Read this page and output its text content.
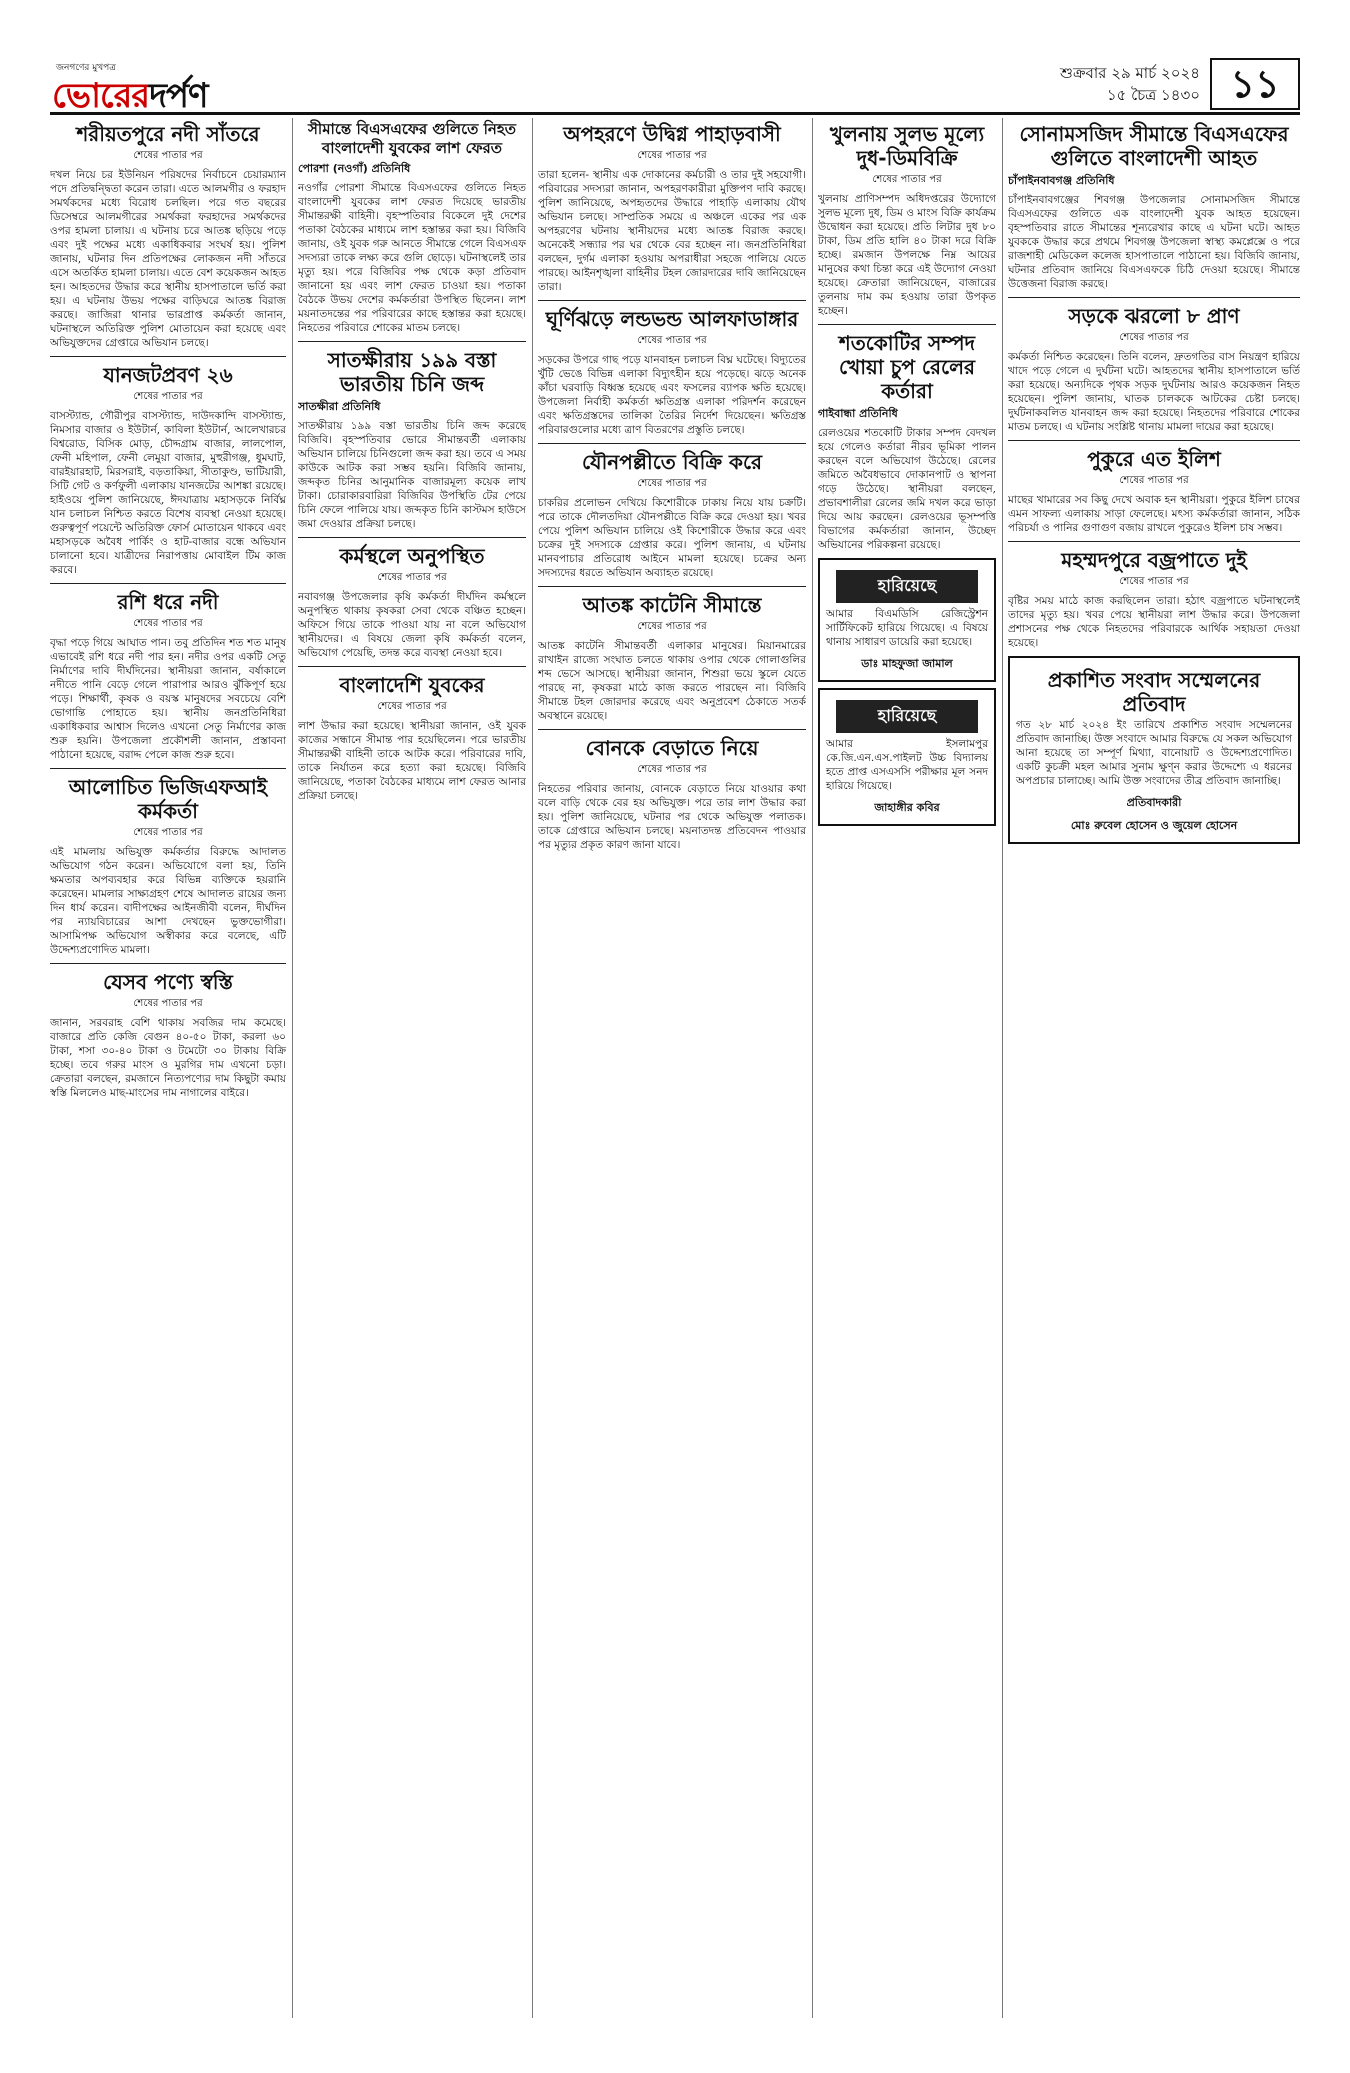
জনগণের মুখপত্র
ভোরেরদর্পণ
শুক্রবার ২৯ মার্চ ২০২৪
১৫ চৈত্র ১৪৩০ ১১
শরীয়তপুরে নদী সাঁতরে
শেষের পাতার পর

দখল নিয়ে চর ইউনিয়ন পরিষদের নির্বাচনে চেয়ারম্যান পদে প্রতিদ্বন্দ্বিতা করেন তারা। এতে আলমগীর ও ফরহাদ সমর্থকদের মধ্যে বিরোধ চলছিল। পরে গত বছরের ডিসেম্বরে আলমগীরের সমর্থকরা ফরহাদের সমর্থকদের ওপর হামলা চালায়। এ ঘটনায় চরে আতঙ্ক ছড়িয়ে পড়ে এবং দুই পক্ষের মধ্যে একাধিকবার সংঘর্ষ হয়। পুলিশ জানায়, ঘটনার দিন প্রতিপক্ষের লোকজন নদী সাঁতরে এসে অতর্কিত হামলা চালায়। এতে বেশ কয়েকজন আহত হন। আহতদের উদ্ধার করে স্থানীয় হাসপাতালে ভর্তি করা হয়। এ ঘটনায় উভয় পক্ষের বাড়িঘরে আতঙ্ক বিরাজ করছে। জাজিরা থানার ভারপ্রাপ্ত কর্মকর্তা জানান, ঘটনাস্থলে অতিরিক্ত পুলিশ মোতায়েন করা হয়েছে এবং অভিযুক্তদের গ্রেপ্তারে অভিযান চলছে।

যানজটপ্রবণ ২৬
শেষের পাতার পর

বাসস্ট্যান্ড, গৌরীপুর বাসস্ট্যান্ড, দাউদকান্দি বাসস্ট্যান্ড, নিমসার বাজার ও ইউটার্ন, কাবিলা ইউটার্ন, আলেখারচর বিশ্বরোড, বিসিক মোড়, চৌদ্দগ্রাম বাজার, লালপোল, ফেনী মহিপাল, ফেনী লেমুয়া বাজার, মুহুরীগঞ্জ, ধুমঘাট, বারইয়ারহাট, মিরসরাই, বড়তাকিয়া, সীতাকুণ্ড, ভাটিয়ারী, সিটি গেট ও কর্ণফুলী এলাকায় যানজটের আশঙ্কা রয়েছে। হাইওয়ে পুলিশ জানিয়েছে, ঈদযাত্রায় মহাসড়কে নির্বিঘ্ন যান চলাচল নিশ্চিত করতে বিশেষ ব্যবস্থা নেওয়া হয়েছে। গুরুত্বপূর্ণ পয়েন্টে অতিরিক্ত ফোর্স মোতায়েন থাকবে এবং মহাসড়কে অবৈধ পার্কিং ও হাট-বাজার বন্ধে অভিযান চালানো হবে। যাত্রীদের নিরাপত্তায় মোবাইল টিম কাজ করবে।

রশি ধরে নদী
শেষের পাতার পর

বৃদ্ধা পড়ে গিয়ে আঘাত পান। তবু প্রতিদিন শত শত মানুষ এভাবেই রশি ধরে নদী পার হন। নদীর ওপর একটি সেতু নির্মাণের দাবি দীর্ঘদিনের। স্থানীয়রা জানান, বর্ষাকালে নদীতে পানি বেড়ে গেলে পারাপার আরও ঝুঁকিপূর্ণ হয়ে পড়ে। শিক্ষার্থী, কৃষক ও বয়স্ক মানুষদের সবচেয়ে বেশি ভোগান্তি পোহাতে হয়। স্থানীয় জনপ্রতিনিধিরা একাধিকবার আশ্বাস দিলেও এখনো সেতু নির্মাণের কাজ শুরু হয়নি। উপজেলা প্রকৌশলী জানান, প্রস্তাবনা পাঠানো হয়েছে, বরাদ্দ পেলে কাজ শুরু হবে।

আলোচিত ভিজিএফআই কর্মকর্তা
শেষের পাতার পর

এই মামলায় অভিযুক্ত কর্মকর্তার বিরুদ্ধে আদালত অভিযোগ গঠন করেন। অভিযোগে বলা হয়, তিনি ক্ষমতার অপব্যবহার করে বিভিন্ন ব্যক্তিকে হয়রানি করেছেন। মামলার সাক্ষ্যগ্রহণ শেষে আদালত রায়ের জন্য দিন ধার্য করেন। বাদীপক্ষের আইনজীবী বলেন, দীর্ঘদিন পর ন্যায়বিচারের আশা দেখছেন ভুক্তভোগীরা। আসামিপক্ষ অভিযোগ অস্বীকার করে বলেছে, এটি উদ্দেশ্যপ্রণোদিত মামলা।

যেসব পণ্যে স্বস্তি
শেষের পাতার পর

জানান, সরবরাহ বেশি থাকায় সবজির দাম কমেছে। বাজারে প্রতি কেজি বেগুন ৪০-৫০ টাকা, করলা ৬০ টাকা, শসা ৩০-৪০ টাকা ও টমেটো ৩০ টাকায় বিক্রি হচ্ছে। তবে গরুর মাংস ও মুরগির দাম এখনো চড়া। ক্রেতারা বলছেন, রমজানে নিত্যপণ্যের দাম কিছুটা কমায় স্বস্তি মিললেও মাছ-মাংসের দাম নাগালের বাইরে।

সীমান্তে বিএসএফের গুলিতে নিহত বাংলাদেশী যুবকের লাশ ফেরত
পোরশা (নওগাঁ) প্রতিনিধি

নওগাঁর পোরশা সীমান্তে বিএসএফের গুলিতে নিহত বাংলাদেশী যুবকের লাশ ফেরত দিয়েছে ভারতীয় সীমান্তরক্ষী বাহিনী। বৃহস্পতিবার বিকেলে দুই দেশের পতাকা বৈঠকের মাধ্যমে লাশ হস্তান্তর করা হয়। বিজিবি জানায়, ওই যুবক গরু আনতে সীমান্তে গেলে বিএসএফ সদস্যরা তাকে লক্ষ্য করে গুলি ছোড়ে। ঘটনাস্থলেই তার মৃত্যু হয়। পরে বিজিবির পক্ষ থেকে কড়া প্রতিবাদ জানানো হয় এবং লাশ ফেরত চাওয়া হয়। পতাকা বৈঠকে উভয় দেশের কর্মকর্তারা উপস্থিত ছিলেন। লাশ ময়নাতদন্তের পর পরিবারের কাছে হস্তান্তর করা হয়েছে। নিহতের পরিবারে শোকের মাতম চলছে।

সাতক্ষীরায় ১৯৯ বস্তা ভারতীয় চিনি জব্দ
সাতক্ষীরা প্রতিনিধি

সাতক্ষীরায় ১৯৯ বস্তা ভারতীয় চিনি জব্দ করেছে বিজিবি। বৃহস্পতিবার ভোরে সীমান্তবর্তী এলাকায় অভিযান চালিয়ে চিনিগুলো জব্দ করা হয়। তবে এ সময় কাউকে আটক করা সম্ভব হয়নি। বিজিবি জানায়, জব্দকৃত চিনির আনুমানিক বাজারমূল্য কয়েক লাখ টাকা। চোরাকারবারিরা বিজিবির উপস্থিতি টের পেয়ে চিনি ফেলে পালিয়ে যায়। জব্দকৃত চিনি কাস্টমস হাউসে জমা দেওয়ার প্রক্রিয়া চলছে।

কর্মস্থলে অনুপস্থিত
শেষের পাতার পর

নবাবগঞ্জ উপজেলার কৃষি কর্মকর্তা দীর্ঘদিন কর্মস্থলে অনুপস্থিত থাকায় কৃষকরা সেবা থেকে বঞ্চিত হচ্ছেন। অফিসে গিয়ে তাকে পাওয়া যায় না বলে অভিযোগ স্থানীয়দের। এ বিষয়ে জেলা কৃষি কর্মকর্তা বলেন, অভিযোগ পেয়েছি, তদন্ত করে ব্যবস্থা নেওয়া হবে।

বাংলাদেশি যুবকের
শেষের পাতার পর

লাশ উদ্ধার করা হয়েছে। স্থানীয়রা জানান, ওই যুবক কাজের সন্ধানে সীমান্ত পার হয়েছিলেন। পরে ভারতীয় সীমান্তরক্ষী বাহিনী তাকে আটক করে। পরিবারের দাবি, তাকে নির্যাতন করে হত্যা করা হয়েছে। বিজিবি জানিয়েছে, পতাকা বৈঠকের মাধ্যমে লাশ ফেরত আনার প্রক্রিয়া চলছে।

অপহরণে উদ্বিগ্ন পাহাড়বাসী
শেষের পাতার পর

তারা হলেন- স্থানীয় এক দোকানের কর্মচারী ও তার দুই সহযোগী। পরিবারের সদস্যরা জানান, অপহরণকারীরা মুক্তিপণ দাবি করছে। পুলিশ জানিয়েছে, অপহৃতদের উদ্ধারে পাহাড়ি এলাকায় যৌথ অভিযান চলছে। সাম্প্রতিক সময়ে এ অঞ্চলে একের পর এক অপহরণের ঘটনায় স্থানীয়দের মধ্যে আতঙ্ক বিরাজ করছে। অনেকেই সন্ধ্যার পর ঘর থেকে বের হচ্ছেন না। জনপ্রতিনিধিরা বলছেন, দুর্গম এলাকা হওয়ায় অপরাধীরা সহজে পালিয়ে যেতে পারছে। আইনশৃঙ্খলা বাহিনীর টহল জোরদারের দাবি জানিয়েছেন তারা।

ঘূর্ণিঝড়ে লন্ডভন্ড আলফাডাঙ্গার
শেষের পাতার পর

সড়কের উপরে গাছ পড়ে যানবাহন চলাচল বিঘ্ন ঘটেছে। বিদ্যুতের খুঁটি ভেঙে বিভিন্ন এলাকা বিদ্যুৎহীন হয়ে পড়েছে। ঝড়ে অনেক কাঁচা ঘরবাড়ি বিধ্বস্ত হয়েছে এবং ফসলের ব্যাপক ক্ষতি হয়েছে। উপজেলা নির্বাহী কর্মকর্তা ক্ষতিগ্রস্ত এলাকা পরিদর্শন করেছেন এবং ক্ষতিগ্রস্তদের তালিকা তৈরির নির্দেশ দিয়েছেন। ক্ষতিগ্রস্ত পরিবারগুলোর মধ্যে ত্রাণ বিতরণের প্রস্তুতি চলছে।

যৌনপল্লীতে বিক্রি করে
শেষের পাতার পর

চাকরির প্রলোভন দেখিয়ে কিশোরীকে ঢাকায় নিয়ে যায় চক্রটি। পরে তাকে দৌলতদিয়া যৌনপল্লীতে বিক্রি করে দেওয়া হয়। খবর পেয়ে পুলিশ অভিযান চালিয়ে ওই কিশোরীকে উদ্ধার করে এবং চক্রের দুই সদস্যকে গ্রেপ্তার করে। পুলিশ জানায়, এ ঘটনায় মানবপাচার প্রতিরোধ আইনে মামলা হয়েছে। চক্রের অন্য সদস্যদের ধরতে অভিযান অব্যাহত রয়েছে।

আতঙ্ক কাটেনি সীমান্তে
শেষের পাতার পর

আতঙ্ক কাটেনি সীমান্তবর্তী এলাকার মানুষের। মিয়ানমারের রাখাইন রাজ্যে সংঘাত চলতে থাকায় ওপার থেকে গোলাগুলির শব্দ ভেসে আসছে। স্থানীয়রা জানান, শিশুরা ভয়ে স্কুলে যেতে পারছে না, কৃষকরা মাঠে কাজ করতে পারছেন না। বিজিবি সীমান্তে টহল জোরদার করেছে এবং অনুপ্রবেশ ঠেকাতে সতর্ক অবস্থানে রয়েছে।

বোনকে বেড়াতে নিয়ে
শেষের পাতার পর

নিহতের পরিবার জানায়, বোনকে বেড়াতে নিয়ে যাওয়ার কথা বলে বাড়ি থেকে বের হয় অভিযুক্ত। পরে তার লাশ উদ্ধার করা হয়। পুলিশ জানিয়েছে, ঘটনার পর থেকে অভিযুক্ত পলাতক। তাকে গ্রেপ্তারে অভিযান চলছে। ময়নাতদন্ত প্রতিবেদন পাওয়ার পর মৃত্যুর প্রকৃত কারণ জানা যাবে।

খুলনায় সুলভ মূল্যে দুধ-ডিমবিক্রি
শেষের পাতার পর

খুলনায় প্রাণিসম্পদ অধিদপ্তরের উদ্যোগে সুলভ মূল্যে দুধ, ডিম ও মাংস বিক্রি কার্যক্রম উদ্বোধন করা হয়েছে। প্রতি লিটার দুধ ৮০ টাকা, ডিম প্রতি হালি ৪০ টাকা দরে বিক্রি হচ্ছে। রমজান উপলক্ষে নিম্ন আয়ের মানুষের কথা চিন্তা করে এই উদ্যোগ নেওয়া হয়েছে। ক্রেতারা জানিয়েছেন, বাজারের তুলনায় দাম কম হওয়ায় তারা উপকৃত হচ্ছেন।

শতকোটির সম্পদ খোয়া চুপ রেলের কর্তারা
গাইবান্ধা প্রতিনিধি

রেলওয়ের শতকোটি টাকার সম্পদ বেদখল হয়ে গেলেও কর্তারা নীরব ভূমিকা পালন করছেন বলে অভিযোগ উঠেছে। রেলের জমিতে অবৈধভাবে দোকানপাট ও স্থাপনা গড়ে উঠেছে। স্থানীয়রা বলছেন, প্রভাবশালীরা রেলের জমি দখল করে ভাড়া দিয়ে আয় করছেন। রেলওয়ের ভূসম্পত্তি বিভাগের কর্মকর্তারা জানান, উচ্ছেদ অভিযানের পরিকল্পনা রয়েছে।

হারিয়েছে

আমার বিএমডিসি রেজিস্ট্রেশন সার্টিফিকেট হারিয়ে গিয়েছে। এ বিষয়ে থানায় সাধারণ ডায়েরি করা হয়েছে।

ডাঃ মাহফুজা জামাল
হারিয়েছে

আমার ইসলামপুর কে.জি.এন.এস.পাইলট উচ্চ বিদ্যালয় হতে প্রাপ্ত এসএসসি পরীক্ষার মূল সনদ হারিয়ে গিয়েছে।

জাহাঙ্গীর কবির
সোনামসজিদ সীমান্তে বিএসএফের গুলিতে বাংলাদেশী আহত
চাঁপাইনবাবগঞ্জ প্রতিনিধি

চাঁপাইনবাবগঞ্জের শিবগঞ্জ উপজেলার সোনামসজিদ সীমান্তে বিএসএফের গুলিতে এক বাংলাদেশী যুবক আহত হয়েছেন। বৃহস্পতিবার রাতে সীমান্তের শূন্যরেখার কাছে এ ঘটনা ঘটে। আহত যুবককে উদ্ধার করে প্রথমে শিবগঞ্জ উপজেলা স্বাস্থ্য কমপ্লেক্সে ও পরে রাজশাহী মেডিকেল কলেজ হাসপাতালে পাঠানো হয়। বিজিবি জানায়, ঘটনার প্রতিবাদ জানিয়ে বিএসএফকে চিঠি দেওয়া হয়েছে। সীমান্তে উত্তেজনা বিরাজ করছে।

সড়কে ঝরলো ৮ প্রাণ
শেষের পাতার পর

কর্মকর্তা নিশ্চিত করেছেন। তিনি বলেন, দ্রুতগতির বাস নিয়ন্ত্রণ হারিয়ে খাদে পড়ে গেলে এ দুর্ঘটনা ঘটে। আহতদের স্থানীয় হাসপাতালে ভর্তি করা হয়েছে। অন্যদিকে পৃথক সড়ক দুর্ঘটনায় আরও কয়েকজন নিহত হয়েছেন। পুলিশ জানায়, ঘাতক চালককে আটকের চেষ্টা চলছে। দুর্ঘটনাকবলিত যানবাহন জব্দ করা হয়েছে। নিহতদের পরিবারে শোকের মাতম চলছে। এ ঘটনায় সংশ্লিষ্ট থানায় মামলা দায়ের করা হয়েছে।

পুকুরে এত ইলিশ
শেষের পাতার পর

মাছের খামারের সব কিছু দেখে অবাক হন স্থানীয়রা। পুকুরে ইলিশ চাষের এমন সাফল্য এলাকায় সাড়া ফেলেছে। মৎস্য কর্মকর্তারা জানান, সঠিক পরিচর্যা ও পানির গুণাগুণ বজায় রাখলে পুকুরেও ইলিশ চাষ সম্ভব।

মহম্মদপুরে বজ্রপাতে দুই
শেষের পাতার পর

বৃষ্টির সময় মাঠে কাজ করছিলেন তারা। হঠাৎ বজ্রপাতে ঘটনাস্থলেই তাদের মৃত্যু হয়। খবর পেয়ে স্থানীয়রা লাশ উদ্ধার করে। উপজেলা প্রশাসনের পক্ষ থেকে নিহতদের পরিবারকে আর্থিক সহায়তা দেওয়া হয়েছে।

প্রকাশিত সংবাদ সম্মেলনের প্রতিবাদ

গত ২৮ মার্চ ২০২৪ ইং তারিখে প্রকাশিত সংবাদ সম্মেলনের প্রতিবাদ জানাচ্ছি। উক্ত সংবাদে আমার বিরুদ্ধে যে সকল অভিযোগ আনা হয়েছে তা সম্পূর্ণ মিথ্যা, বানোয়াট ও উদ্দেশ্যপ্রণোদিত। একটি কুচক্রী মহল আমার সুনাম ক্ষুণ্ন করার উদ্দেশ্যে এ ধরনের অপপ্রচার চালাচ্ছে। আমি উক্ত সংবাদের তীব্র প্রতিবাদ জানাচ্ছি।

প্রতিবাদকারী
মোঃ রুবেল হোসেন ও জুয়েল হোসেন
